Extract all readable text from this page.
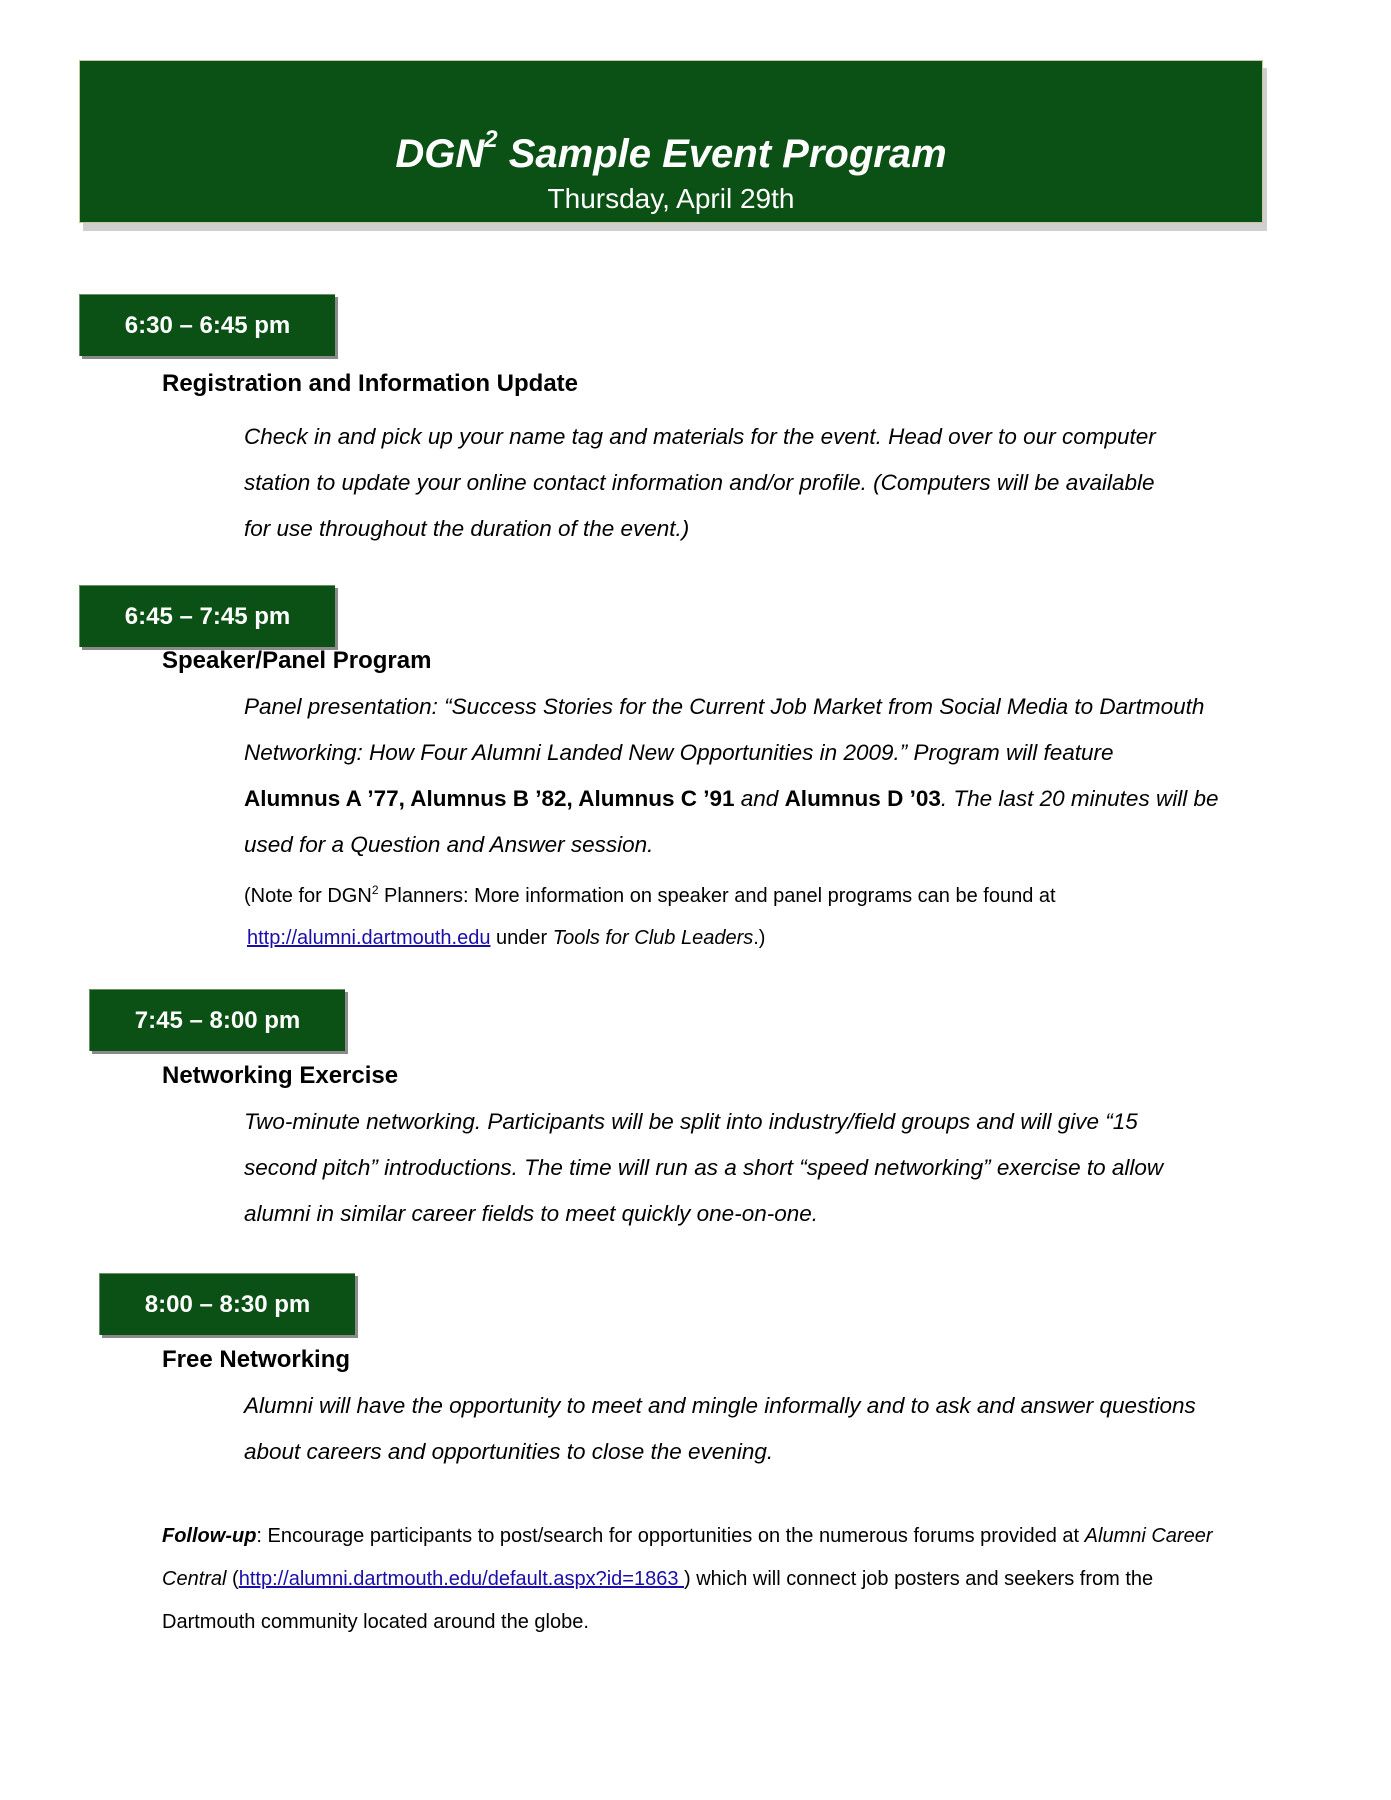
DGN$^2$ Sample Event Program
Thursday, April 29th
6:30 – 6:45 pm
Registration and Information Update
Check in and pick up your name tag and materials for the event. Head over to our computer
station to update your online contact information and/or profile. (Computers will be available
for use throughout the duration of the event.)
6:45 – 7:45 pm
Speaker/Panel Program
Panel presentation: “Success Stories for the Current Job Market from Social Media to Dartmouth
Networking: How Four Alumni Landed New Opportunities in 2009.” Program will feature
Alumnus A ’77, Alumnus B ’82, Alumnus C ’91 and Alumnus D ’03. The last 20 minutes will be
used for a Question and Answer session.
(Note for DGN$^2$ Planners: More information on speaker and panel programs can be found at
http://alumni.dartmouth.edu under Tools for Club Leaders.)
7:45 – 8:00 pm
Networking Exercise
Two-minute networking. Participants will be split into industry/field groups and will give “15
second pitch” introductions. The time will run as a short “speed networking” exercise to allow
alumni in similar career fields to meet quickly one-on-one.
8:00 – 8:30 pm
Free Networking
Alumni will have the opportunity to meet and mingle informally and to ask and answer questions
about careers and opportunities to close the evening.
Follow-up: Encourage participants to post/search for opportunities on the numerous forums provided at Alumni Career Central (http://alumni.dartmouth.edu/default.aspx?id=1863 ) which will connect job posters and seekers from the Dartmouth community located around the globe.
